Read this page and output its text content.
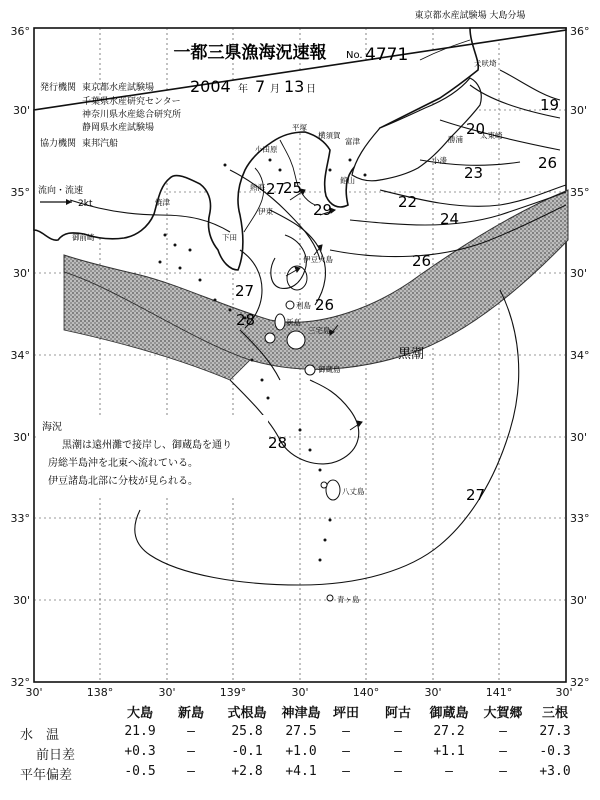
36°
30'
35°
30'
34°
30'
33°
30'
32°
36°
30'
35°
30'
34°
30'
33°
30'
32°
30'	138°	30'	139°	30'	140°	30'	141°	30'
東京都水産試験場 大島分場
一都三県漁海況速報 No. 4771
2004 年 7 月 13 日
発行機関 東京都水産試験場
千葉県水産研究センター
神奈川県水産総合研究所
静岡県水産試験場
協力機関 東邦汽船
流向・流速
2kt
黒潮
犬吠埼
太東崎
平塚
横須賀
富津	勝浦
小湊
館山
小田原
熱海
伊東
下田
焼津
御前崎
伊豆大島
利島
新島
三宅島
御蔵島
八丈島
青ヶ島
19
20
22
23
24
25
26
26
27
28
29
26
27
28
27
海況
黒潮は遠州灘で接岸し、御蔵島を通り
房総半島沖を北東へ流れている。
伊豆諸島北部に分枝が見られる。
大島	新島	式根島	神津島 坪田	阿古	御蔵島	大賀郷	三根
水　温
前日差
平年偏差
21.9	—	25.8	27.5	—	—	27.2	—	27.3
+0.3	—	-0.1	+1.0	—	—	+1.1	—	-0.3
-0.5	—	+2.8	+4.1	—	—	—	—	+3.0
